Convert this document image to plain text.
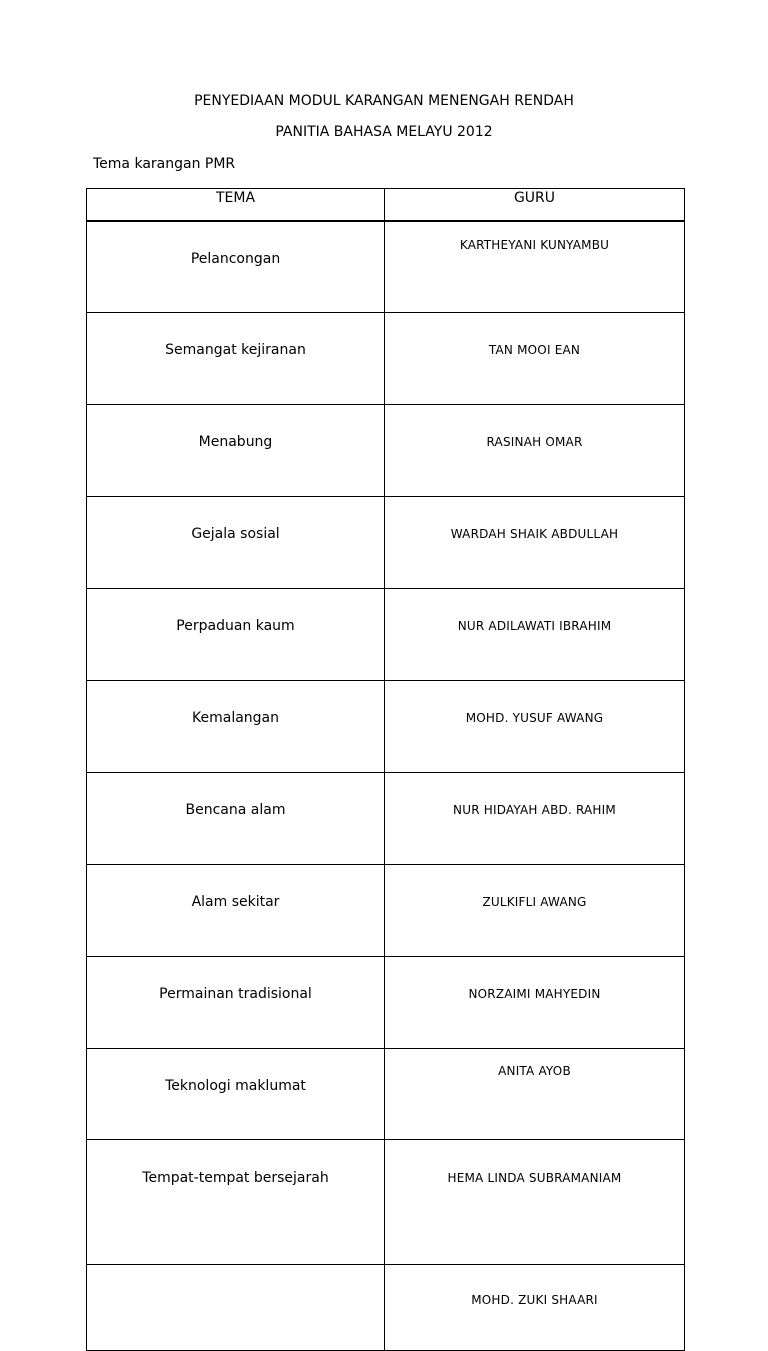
PENYEDIAAN MODUL KARANGAN MENENGAH RENDAH
PANITIA BAHASA MELAYU 2012

Tema karangan PMR

TEMA	GURU
Pelancongan	KARTHEYANI KUNYAMBU
Semangat kejiranan	TAN MOOI EAN
Menabung	RASINAH OMAR
Gejala sosial	WARDAH SHAIK ABDULLAH
Perpaduan kaum	NUR ADILAWATI IBRAHIM
Kemalangan	MOHD. YUSUF AWANG
Bencana alam	NUR HIDAYAH ABD. RAHIM
Alam sekitar	ZULKIFLI AWANG
Permainan tradisional	NORZAIMI MAHYEDIN
Teknologi maklumat	ANITA AYOB
Tempat-tempat bersejarah	HEMA LINDA SUBRAMANIAM
	MOHD. ZUKI SHAARI
